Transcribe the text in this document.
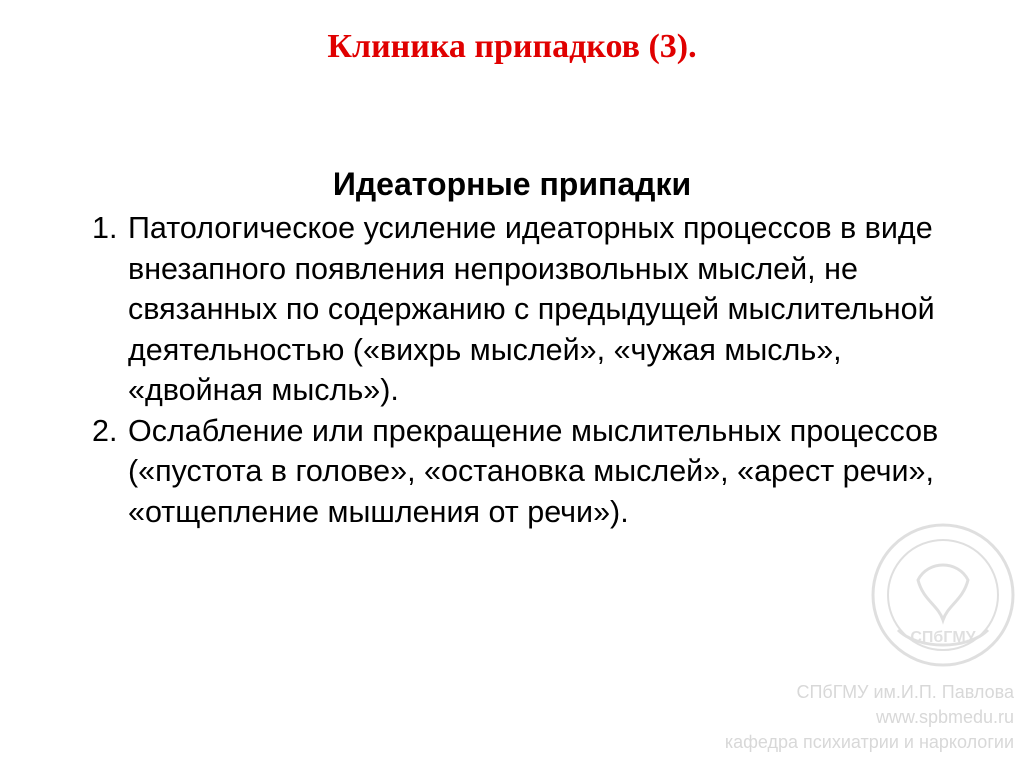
Клиника припадков (3).
Идеаторные припадки
1. Патологическое усиление идеаторных процессов в виде внезапного появления непроизвольных мыслей, не связанных по содержанию с предыдущей мыслительной деятельностью («вихрь мыслей», «чужая мысль», «двойная мысль»).
2. Ослабление или прекращение мыслительных процессов («пустота в голове», «остановка мыслей», «арест речи», «отщепление мышления от речи»).
СПбГМУ
СПбГМУ им.И.П. Павлова
www.spbmedu.ru
кафедра психиатрии и наркологии
